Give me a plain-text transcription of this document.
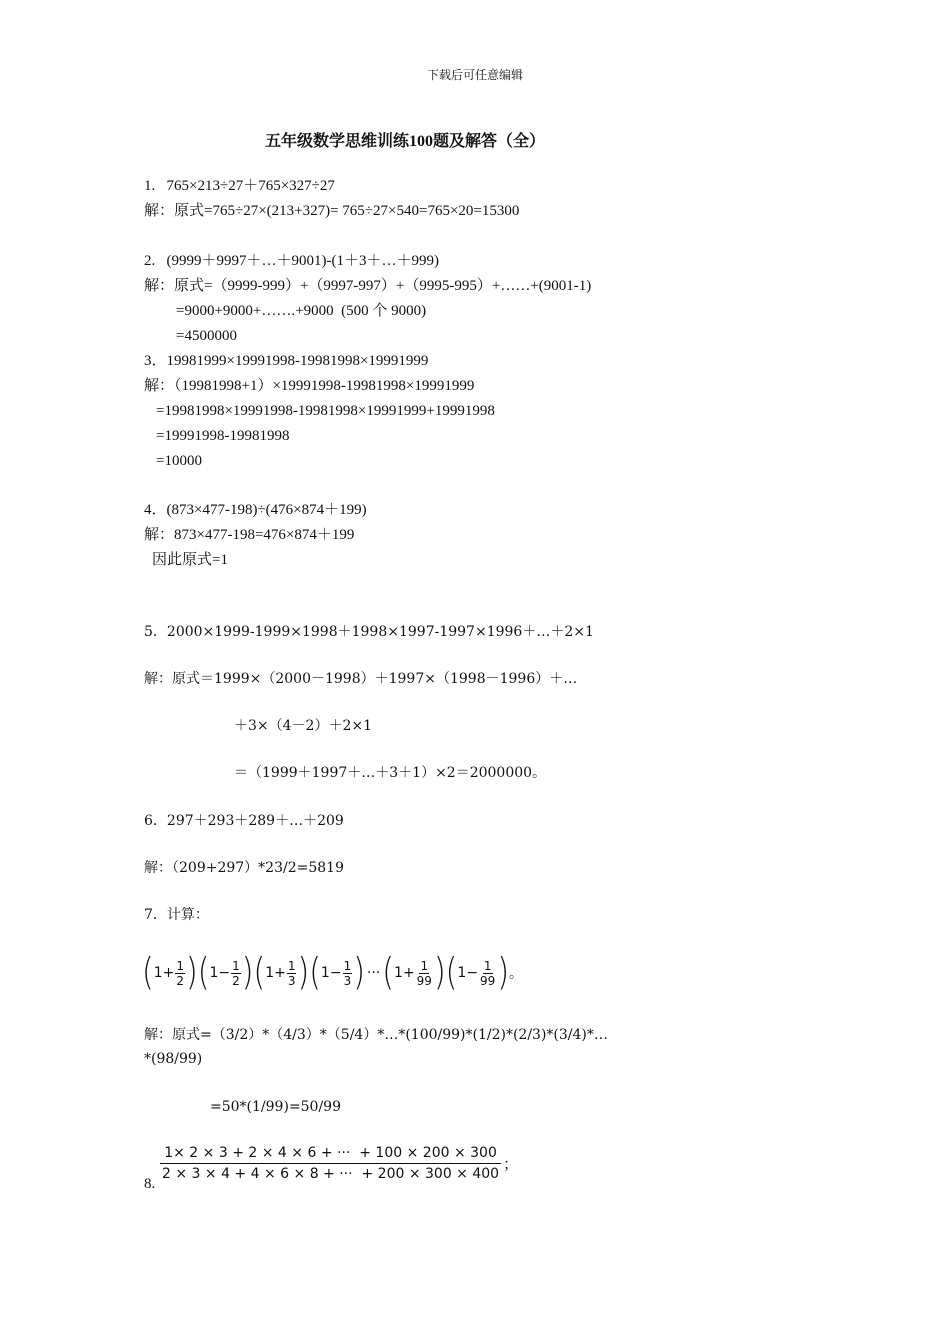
下载后可任意编辑
五年级数学思维训练100题及解答（全）
1.   765×213÷27＋765×327÷27
解：原式=765÷27×(213+327)= 765÷27×540=765×20=15300
2.   (9999＋9997＋…＋9001)-(1＋3＋…＋999)
解：原式=（9999-999）+（9997-997）+（9995-995）+……+(9001-1)
=9000+9000+…….+9000  (500 个 9000)
=4500000
3．19981999×19991998-19981998×19991999
解：（19981998+1）×19991998-19981998×19991999
=19981998×19991998-19981998×19991999+19991998
=19991998-19981998
=10000
4．(873×477-198)÷(476×874＋199)
解：873×477-198=476×874＋199
因此原式=1
5．2000×1999-1999×1998＋1998×1997-1997×1996＋…＋2×1
解：原式＝1999×（2000－1998）＋1997×（1998－1996）＋…
＋3×（4－2）＋2×1
＝（1999＋1997＋…＋3＋1）×2＝2000000。
6．297＋293＋289＋…＋209
解：（209+297）*23/2=5819
7．计算：
( $1 + \frac{1}{2}$ ) ( $1 - \frac{1}{2}$ ) ( $1 + \frac{1}{3}$ ) ( $1 - \frac{1}{3}$ ) ··· ( $1 + \frac{1}{99}$ ) ( $1 - \frac{1}{99}$ ) 。
解：原式=（3/2）*（4/3）*（5/4）*…*(100/99)*(1/2)*(2/3)*(3/4)*…
*(98/99)
=50*(1/99)=50/99
8. $\frac{1\times 2 \times 3 + 2 \times 4 \times 6 + \cdot\cdot\cdot + 100 \times 200 \times 300}{2 \times 3 \times 4 + 4 \times 6 \times 8 + \cdot\cdot\cdot + 200 \times 300 \times 400}$ ；
